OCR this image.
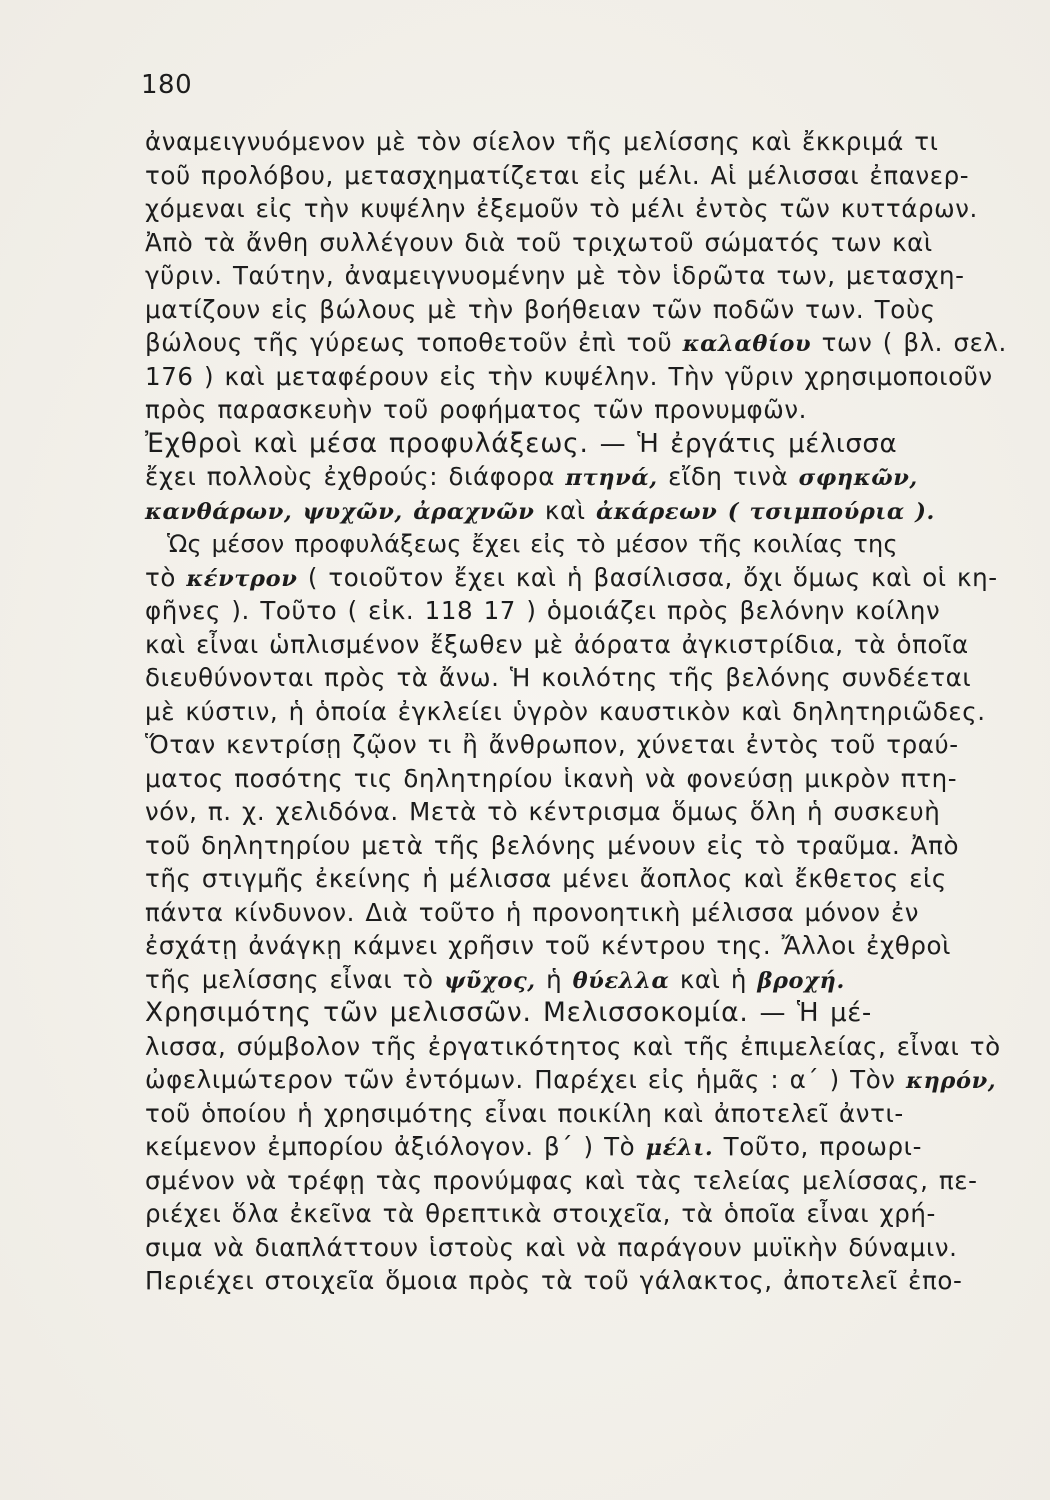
180
ἀναμειγνυόμενον μὲ τὸν σίελον τῆς μελίσσης καὶ ἔκκριμά τι
τοῦ προλόβου, μετασχηματίζεται εἰς μέλι. Αἱ μέλισσαι ἐπανερ-
χόμεναι εἰς τὴν κυψέλην ἐξεμοῦν τὸ μέλι ἐντὸς τῶν κυττάρων.
Ἀπὸ τὰ ἄνθη συλλέγουν διὰ τοῦ τριχωτοῦ σώματός των καὶ
γῦριν. Ταύτην, ἀναμειγνυομένην μὲ τὸν ἱδρῶτα των, μετασχη-
ματίζουν εἰς βώλους μὲ τὴν βοήθειαν τῶν ποδῶν των. Τοὺς
βώλους τῆς γύρεως τοποθετοῦν ἐπὶ τοῦ καλαθίου των ( βλ. σελ.
176 ) καὶ μεταφέρουν εἰς τὴν κυψέλην. Τὴν γῦριν χρησιμοποιοῦν
πρὸς παρασκευὴν τοῦ ροφήματος τῶν προνυμφῶν.
Ἐχθροὶ καὶ μέσα προφυλάξεως. — Ἡ ἐργάτις μέλισσα
ἔχει πολλοὺς ἐχθρούς: διάφορα πτηνά, εἴδη τινὰ σφηκῶν,
κανθάρων, ψυχῶν, ἀραχνῶν καὶ ἀκάρεων ( τσιμπούρια ).
Ὡς μέσον προφυλάξεως ἔχει εἰς τὸ μέσον τῆς κοιλίας της
τὸ κέντρον ( τοιοῦτον ἔχει καὶ ἡ βασίλισσα, ὄχι ὅμως καὶ οἱ κη-
φῆνες ). Τοῦτο ( εἰκ. 118 17 ) ὁμοιάζει πρὸς βελόνην κοίλην
καὶ εἶναι ὡπλισμένον ἔξωθεν μὲ ἀόρατα ἀγκιστρίδια, τὰ ὁποῖα
διευθύνονται πρὸς τὰ ἄνω. Ἡ κοιλότης τῆς βελόνης συνδέεται
μὲ κύστιν, ἡ ὁποία ἐγκλείει ὑγρὸν καυστικὸν καὶ δηλητηριῶδες.
Ὅταν κεντρίσῃ ζῷον τι ἢ ἄνθρωπον, χύνεται ἐντὸς τοῦ τραύ-
ματος ποσότης τις δηλητηρίου ἱκανὴ νὰ φονεύσῃ μικρὸν πτη-
νόν, π. χ. χελιδόνα. Μετὰ τὸ κέντρισμα ὅμως ὅλη ἡ συσκευὴ
τοῦ δηλητηρίου μετὰ τῆς βελόνης μένουν εἰς τὸ τραῦμα. Ἀπὸ
τῆς στιγμῆς ἐκείνης ἡ μέλισσα μένει ἄοπλος καὶ ἔκθετος εἰς
πάντα κίνδυνον. Διὰ τοῦτο ἡ προνοητικὴ μέλισσα μόνον ἐν
ἐσχάτῃ ἀνάγκῃ κάμνει χρῆσιν τοῦ κέντρου της. Ἄλλοι ἐχθροὶ
τῆς μελίσσης εἶναι τὸ ψῦχος, ἡ θύελλα καὶ ἡ βροχή.
Χρησιμότης τῶν μελισσῶν. Μελισσοκομία. — Ἡ μέ-
λισσα, σύμβολον τῆς ἐργατικότητος καὶ τῆς ἐπιμελείας, εἶναι τὸ
ὠφελιμώτερον τῶν ἐντόμων. Παρέχει εἰς ἡμᾶς : α΄ ) Τὸν κηρόν,
τοῦ ὁποίου ἡ χρησιμότης εἶναι ποικίλη καὶ ἀποτελεῖ ἀντι-
κείμενον ἐμπορίου ἀξιόλογον. β΄ ) Τὸ μέλι. Τοῦτο, προωρι-
σμένον νὰ τρέφῃ τὰς προνύμφας καὶ τὰς τελείας μελίσσας, πε-
ριέχει ὅλα ἐκεῖνα τὰ θρεπτικὰ στοιχεῖα, τὰ ὁποῖα εἶναι χρή-
σιμα νὰ διαπλάττουν ἱστοὺς καὶ νὰ παράγουν μυϊκὴν δύναμιν.
Περιέχει στοιχεῖα ὅμοια πρὸς τὰ τοῦ γάλακτος, ἀποτελεῖ ἐπο-
